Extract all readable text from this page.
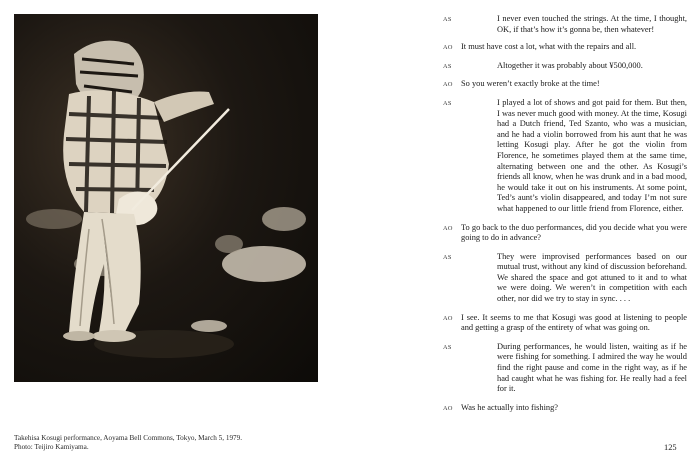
Takehisa Kosugi performance, Aoyama Bell Commons, Tokyo, March 5, 1979.
Photo: Teijiro Kamiyama.
AS	I never even touched the strings. At the time, I thought, OK, if that’s how it’s gonna be, then whatever!
AO It must have cost a lot, what with the repairs and all.
AS	Altogether it was probably about ¥500,000.
AO So you weren’t exactly broke at the time!
AS	I played a lot of shows and got paid for them. But then, I was never much good with money. At the time, Kosugi had a Dutch friend, Ted Szanto, who was a musician, and he had a violin borrowed from his aunt that he was letting Kosugi play. After he got the violin from Florence, he sometimes played them at the same time, alternating between one and the other. As Kosugi’s friends all know, when he was drunk and in a bad mood, he would take it out on his instruments. At some point, Ted’s aunt’s violin disappeared, and today I’m not sure what happened to our little friend from Florence, either.
AO To go back to the duo performances, did you decide what you were going to do in advance?
AS	They were improvised performances based on our mutual trust, without any kind of discussion beforehand. We shared the space and got attuned to it and to what we were doing. We weren’t in competition with each other, nor did we try to stay in sync. . . .
AO I see. It seems to me that Kosugi was good at listening to people and getting a grasp of the entirety of what was going on.
AS	During performances, he would listen, waiting as if he were fishing for something. I admired the way he would find the right pause and come in the right way, as if he had caught what he was fishing for. He really had a feel for it.
AO Was he actually into fishing?
125
